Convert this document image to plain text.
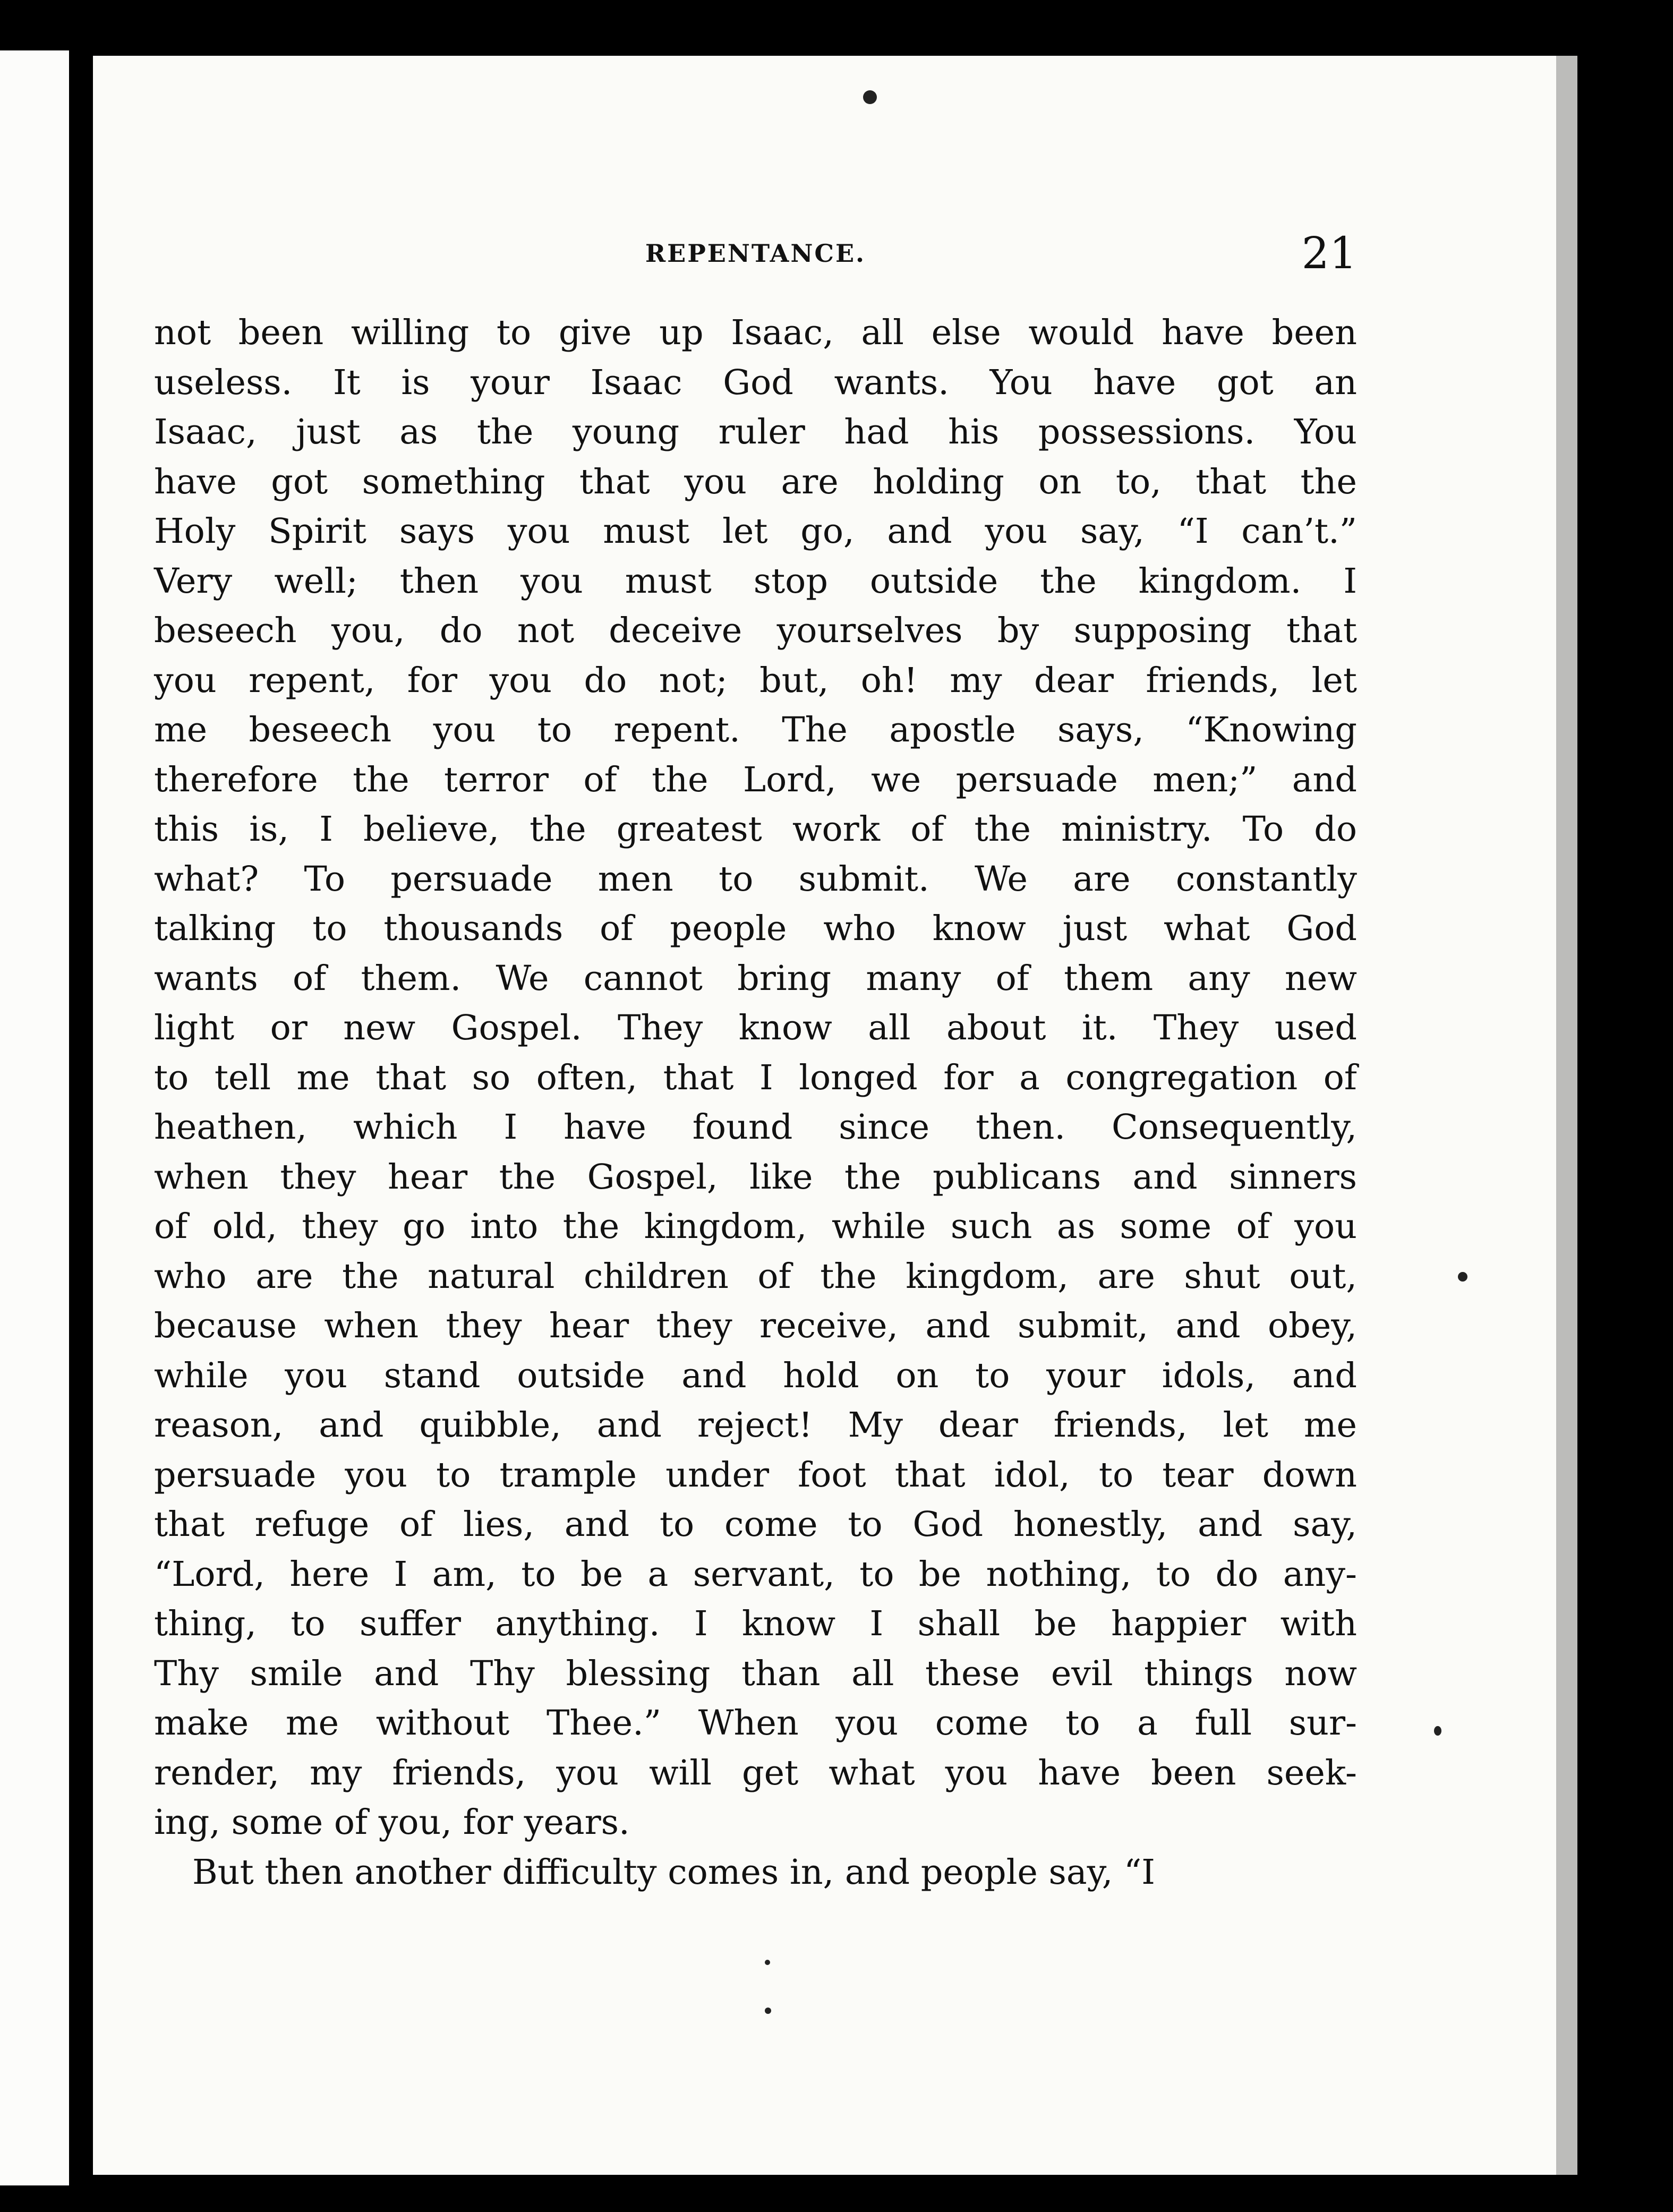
REPENTANCE.	21
not been willing to give up Isaac, all else would have been
useless. It is your Isaac God wants. You have got an
Isaac, just as the young ruler had his possessions. You
have got something that you are holding on to, that the
Holy Spirit says you must let go, and you say, “I can’t.”
Very well; then you must stop outside the kingdom. I
beseech you, do not deceive yourselves by supposing that
you repent, for you do not; but, oh! my dear friends, let
me beseech you to repent. The apostle says, “Knowing
therefore the terror of the Lord, we persuade men;” and
this is, I believe, the greatest work of the ministry. To do
what? To persuade men to submit. We are constantly
talking to thousands of people who know just what God
wants of them. We cannot bring many of them any new
light or new Gospel. They know all about it. They used
to tell me that so often, that I longed for a congregation of
heathen, which I have found since then. Consequently,
when they hear the Gospel, like the publicans and sinners
of old, they go into the kingdom, while such as some of you
who are the natural children of the kingdom, are shut out,
because when they hear they receive, and submit, and obey,
while you stand outside and hold on to your idols, and
reason, and quibble, and reject! My dear friends, let me
persuade you to trample under foot that idol, to tear down
that refuge of lies, and to come to God honestly, and say,
“Lord, here I am, to be a servant, to be nothing, to do any-
thing, to suffer anything. I know I shall be happier with
Thy smile and Thy blessing than all these evil things now
make me without Thee.” When you come to a full sur-
render, my friends, you will get what you have been seek-
ing, some of you, for years.
But then another difficulty comes in, and people say, “I
